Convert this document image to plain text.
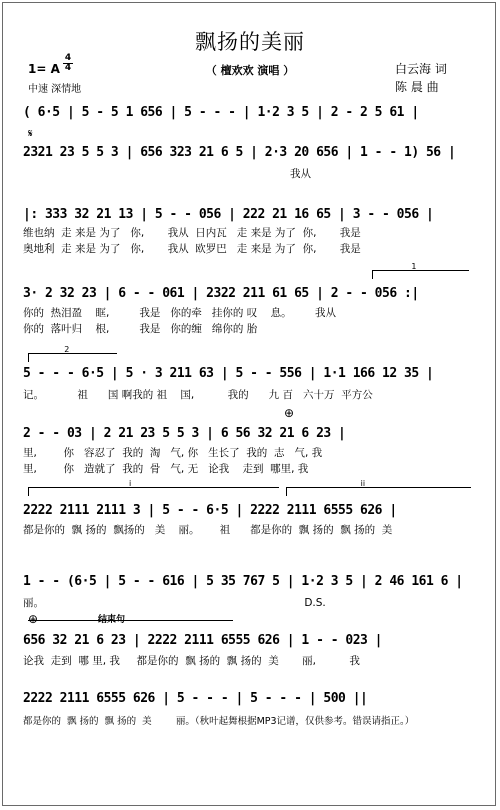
飘扬的美丽
（ 檀欢欢 演唱 ）
1= A
4
4
中速 深情地
白云海 词
陈 晨 曲
( 6·5 | 5 - 5 1 656 | 5 - - - | 1·2 3 5 | 2 - 2 5 61 |
𝄋
2321 23 5 5 3 | 656 323 21 6 5 | 2·3 20 656 | 1 - - 1) 56 |
我从
|: 333 32 21 13 | 5 - - 056 | 222 21 16 65 | 3 - - 056 |
维也纳  走 来是 为了   你,       我从  日内瓦   走 来是 为了  你,       我是
奥地利  走 来是 为了   你,       我从  欧罗巴   走 来是 为了  你,       我是
1
3· 2 32 23 | 6 - - 061 | 2322 211 61 65 | 2 - - 056 :|
你的  热泪盈    眶,         我是   你的牵   挂你的 叹    息。       我从
你的  落叶归    根,         我是   你的缠   绵你的 胎
2
5 - - - 6·5 | 5 · 3 211 63 | 5 - - 556 | 1·1 166 12 35 |
记。          祖      国 啊我的 祖    国,          我的      九 百   六十万  平方公
⊕
2 - - 03 | 2 21 23 5 5 3 | 6 56 32 21 6 23 |
里,        你   容忍了  我的  淘   气, 你   生长了  我的  志   气, 我
里,        你   造就了  我的  骨   气, 无   论我    走到  哪里, 我
i	ii
2222 2111 2111 3 | 5 - - 6·5 | 2222 2111 6555 626 |
都是你的  飘 扬的  飘扬的   美    丽。      祖      都是你的  飘 扬的  飘 扬的  美
1 - - (6·5 | 5 - - 616 | 5 35 767 5 | 1·2 3 5 | 2 46 161 6 |
丽。                                                                              D.S.
⊕	结束句
656 32 21 6 23 | 2222 2111 6555 626 | 1 - - 023 |
论我  走到  哪 里, 我     都是你的  飘 扬的  飘 扬的  美       丽,          我
2222 2111 6555 626 | 5 - - - | 5 - - - | 500 ||
都是你的  飘 扬的  飘 扬的  美        丽。（秋叶起舞根据MP3记谱，仅供参考。错误请指正。）
